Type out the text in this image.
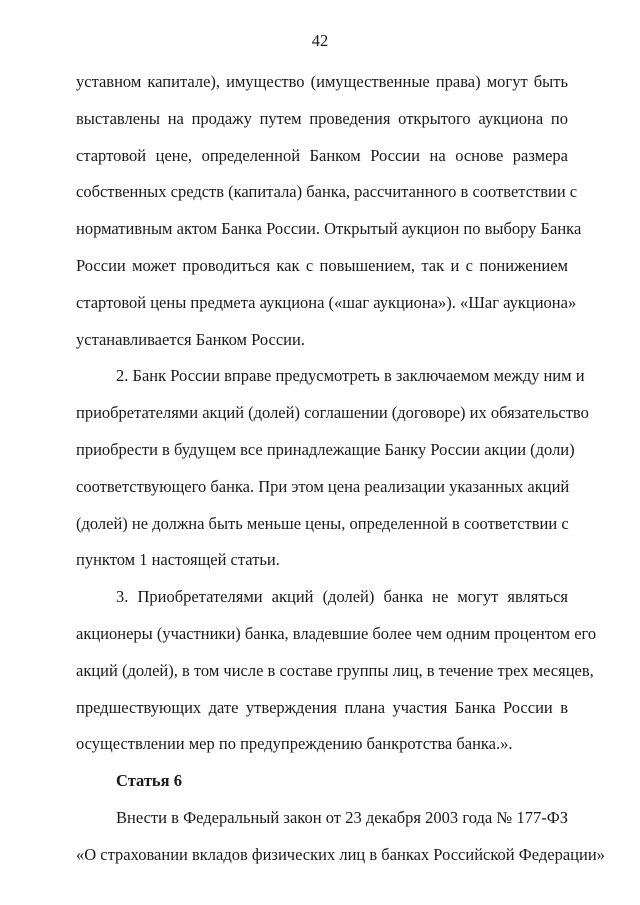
42
уставном капитале), имущество (имущественные права) могут быть
выставлены на продажу путем проведения открытого аукциона по
стартовой цене, определенной Банком России на основе размера
собственных средств (капитала) банка, рассчитанного в соответствии с
нормативным актом Банка России. Открытый аукцион по выбору Банка
России может проводиться как с повышением, так и с понижением
стартовой цены предмета аукциона («шаг аукциона»). «Шаг аукциона»
устанавливается Банком России.
2. Банк России вправе предусмотреть в заключаемом между ним и
приобретателями акций (долей) соглашении (договоре) их обязательство
приобрести в будущем все принадлежащие Банку России акции (доли)
соответствующего банка. При этом цена реализации указанных акций
(долей) не должна быть меньше цены, определенной в соответствии с
пунктом 1 настоящей статьи.
3. Приобретателями акций (долей) банка не могут являться
акционеры (участники) банка, владевшие более чем одним процентом его
акций (долей), в том числе в составе группы лиц, в течение трех месяцев,
предшествующих дате утверждения плана участия Банка России в
осуществлении мер по предупреждению банкротства банка.».
Статья 6
Внести в Федеральный закон от 23 декабря 2003 года № 177-ФЗ
«О страховании вкладов физических лиц в банках Российской Федерации»
